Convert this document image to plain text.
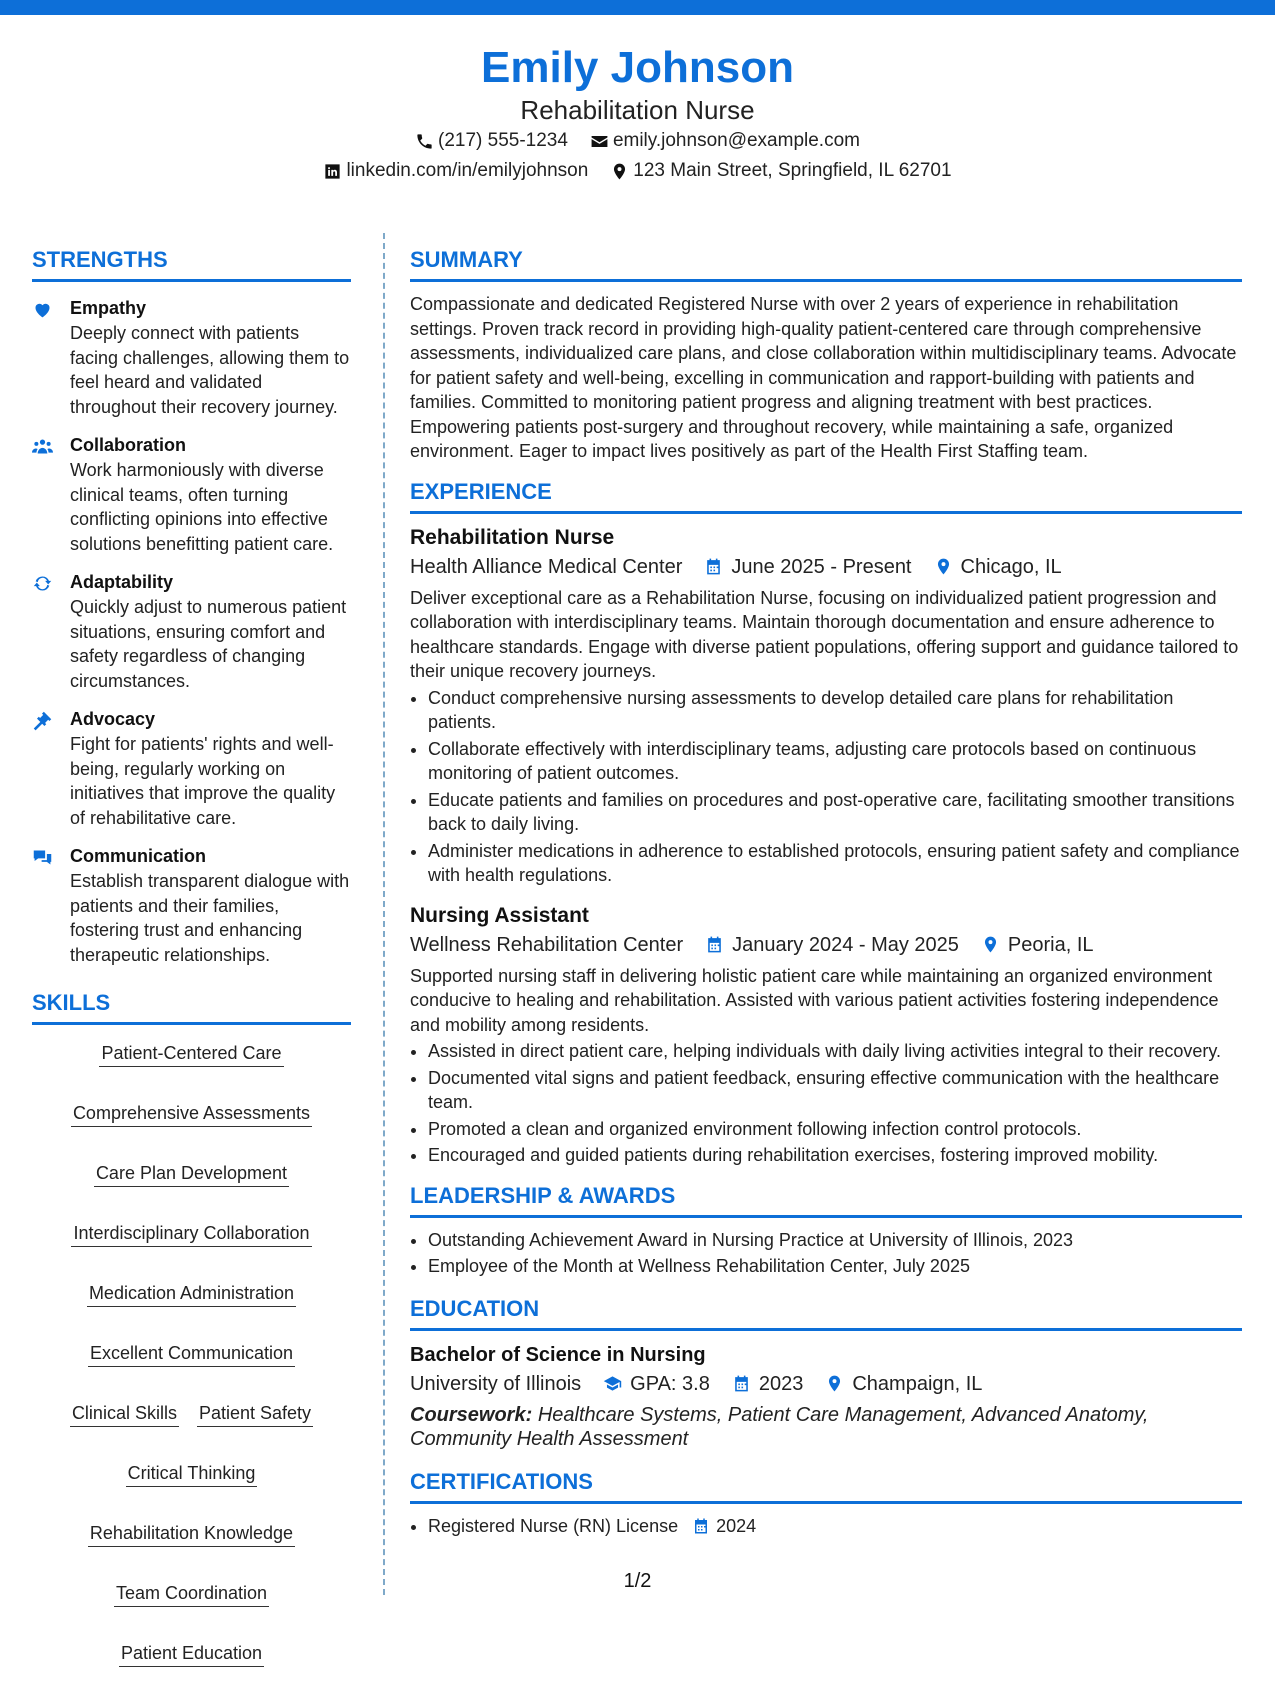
Emily Johnson
Rehabilitation Nurse
(217) 555-1234 emily.johnson@example.com
linkedin.com/in/emilyjohnson 123 Main Street, Springfield, IL 62701
STRENGTHS
Empathy
Deeply connect with patients facing challenges, allowing them to feel heard and validated throughout their recovery journey.
Collaboration
Work harmoniously with diverse clinical teams, often turning conflicting opinions into effective solutions benefitting patient care.
Adaptability
Quickly adjust to numerous patient situations, ensuring comfort and safety regardless of changing circumstances.
Advocacy
Fight for patients' rights and well-being, regularly working on initiatives that improve the quality of rehabilitative care.
Communication
Establish transparent dialogue with patients and their families, fostering trust and enhancing therapeutic relationships.
SKILLS
Patient-Centered Care
Comprehensive Assessments
Care Plan Development
Interdisciplinary Collaboration
Medication Administration
Excellent Communication
Clinical Skills Patient Safety
Critical Thinking
Rehabilitation Knowledge
Team Coordination
Patient Education
SUMMARY
Compassionate and dedicated Registered Nurse with over 2 years of experience in rehabilitation settings. Proven track record in providing high-quality patient-centered care through comprehensive assessments, individualized care plans, and close collaboration within multidisciplinary teams. Advocate for patient safety and well-being, excelling in communication and rapport-building with patients and families. Committed to monitoring patient progress and aligning treatment with best practices. Empowering patients post-surgery and throughout recovery, while maintaining a safe, organized environment. Eager to impact lives positively as part of the Health First Staffing team.
EXPERIENCE
Rehabilitation Nurse
Health Alliance Medical Center June 2025 - Present Chicago, IL
Deliver exceptional care as a Rehabilitation Nurse, focusing on individualized patient progression and collaboration with interdisciplinary teams. Maintain thorough documentation and ensure adherence to healthcare standards. Engage with diverse patient populations, offering support and guidance tailored to their unique recovery journeys.
• Conduct comprehensive nursing assessments to develop detailed care plans for rehabilitation patients.
• Collaborate effectively with interdisciplinary teams, adjusting care protocols based on continuous monitoring of patient outcomes.
• Educate patients and families on procedures and post-operative care, facilitating smoother transitions back to daily living.
• Administer medications in adherence to established protocols, ensuring patient safety and compliance with health regulations.
Nursing Assistant
Wellness Rehabilitation Center January 2024 - May 2025 Peoria, IL
Supported nursing staff in delivering holistic patient care while maintaining an organized environment conducive to healing and rehabilitation. Assisted with various patient activities fostering independence and mobility among residents.
• Assisted in direct patient care, helping individuals with daily living activities integral to their recovery.
• Documented vital signs and patient feedback, ensuring effective communication with the healthcare team.
• Promoted a clean and organized environment following infection control protocols.
• Encouraged and guided patients during rehabilitation exercises, fostering improved mobility.
LEADERSHIP & AWARDS
• Outstanding Achievement Award in Nursing Practice at University of Illinois, 2023
• Employee of the Month at Wellness Rehabilitation Center, July 2025
EDUCATION
Bachelor of Science in Nursing
University of Illinois GPA: 3.8 2023 Champaign, IL
Coursework: Healthcare Systems, Patient Care Management, Advanced Anatomy, Community Health Assessment
CERTIFICATIONS
• Registered Nurse (RN) License 2024
1/2
